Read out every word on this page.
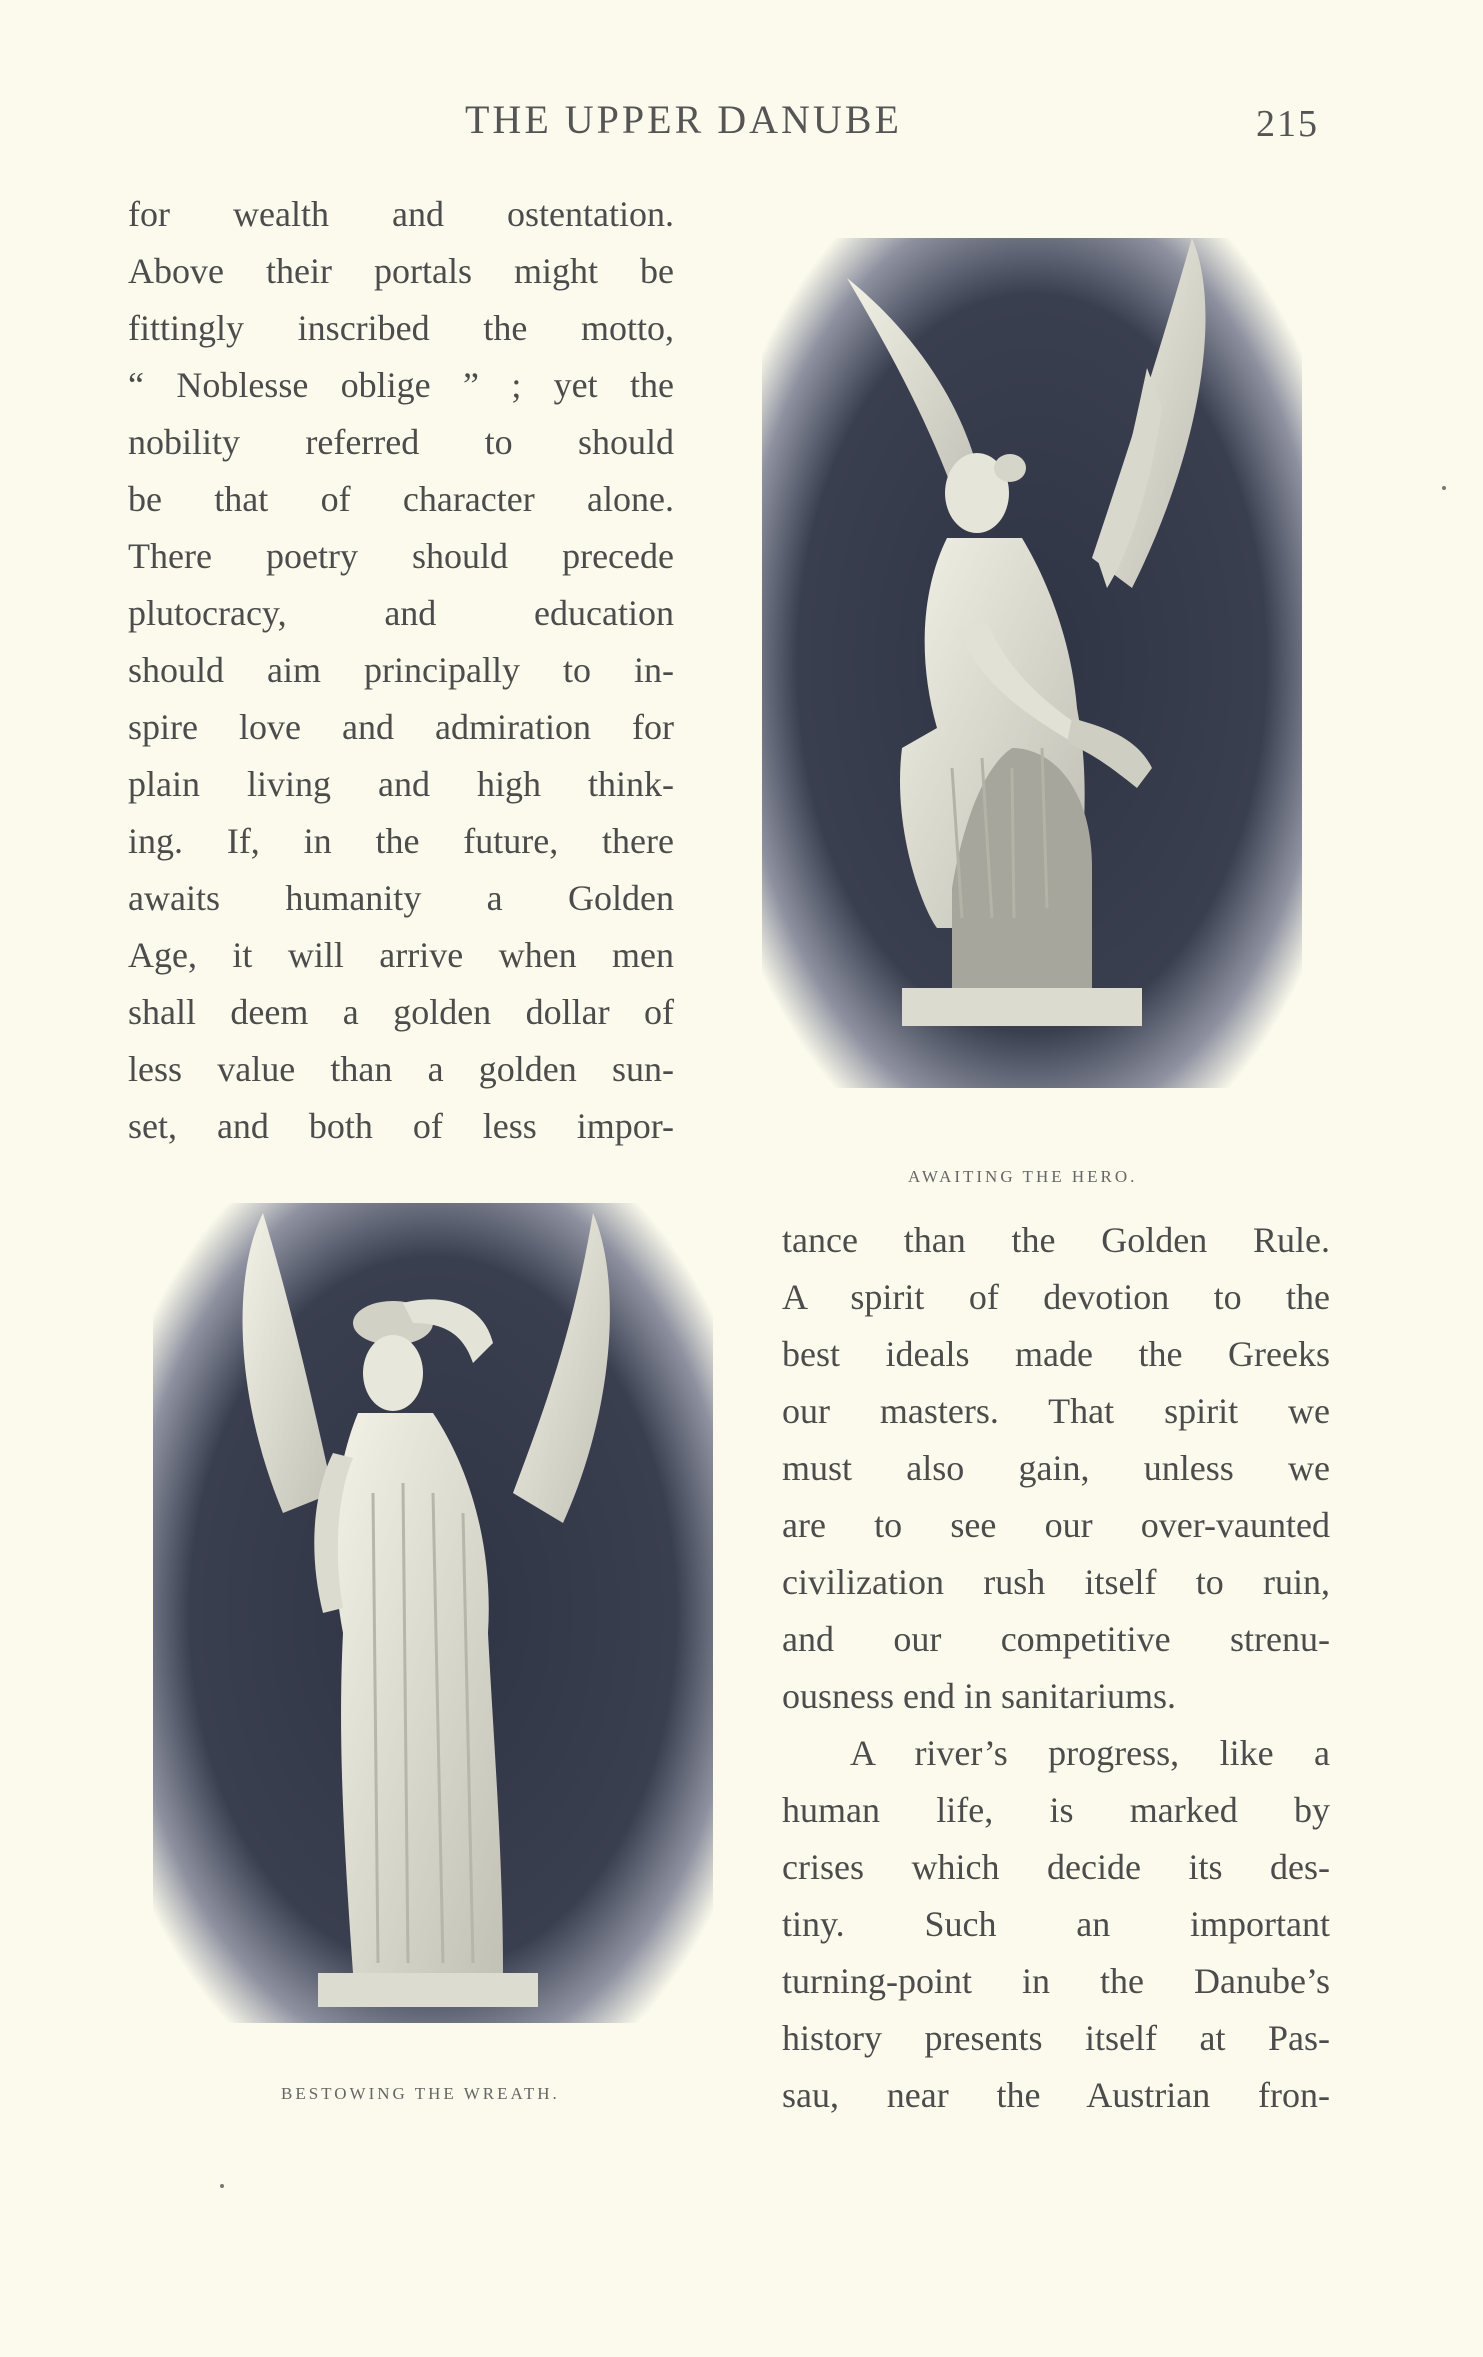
THE UPPER DANUBE	215
for wealth and ostentation.
Above their portals might be
fittingly inscribed the motto,
“ Noblesse oblige ” ; yet the
nobility referred to should
be that of character alone.
There poetry should precede
plutocracy, and education
should aim principally to in-
spire love and admiration for
plain living and high think-
ing. If, in the future, there
awaits humanity a Golden
Age, it will arrive when men
shall deem a golden dollar of
less value than a golden sun-
set, and both of less impor-
AWAITING THE HERO.
BESTOWING THE WREATH.
tance than the Golden Rule.
A spirit of devotion to the
best ideals made the Greeks
our masters. That spirit we
must also gain, unless we
are to see our over-vaunted
civilization rush itself to ruin,
and our competitive strenu-
ousness end in sanitariums.
A river’s progress, like a
human life, is marked by
crises which decide its des-
tiny. Such an important
turning-point in the Danube’s
history presents itself at Pas-
sau, near the Austrian fron-
